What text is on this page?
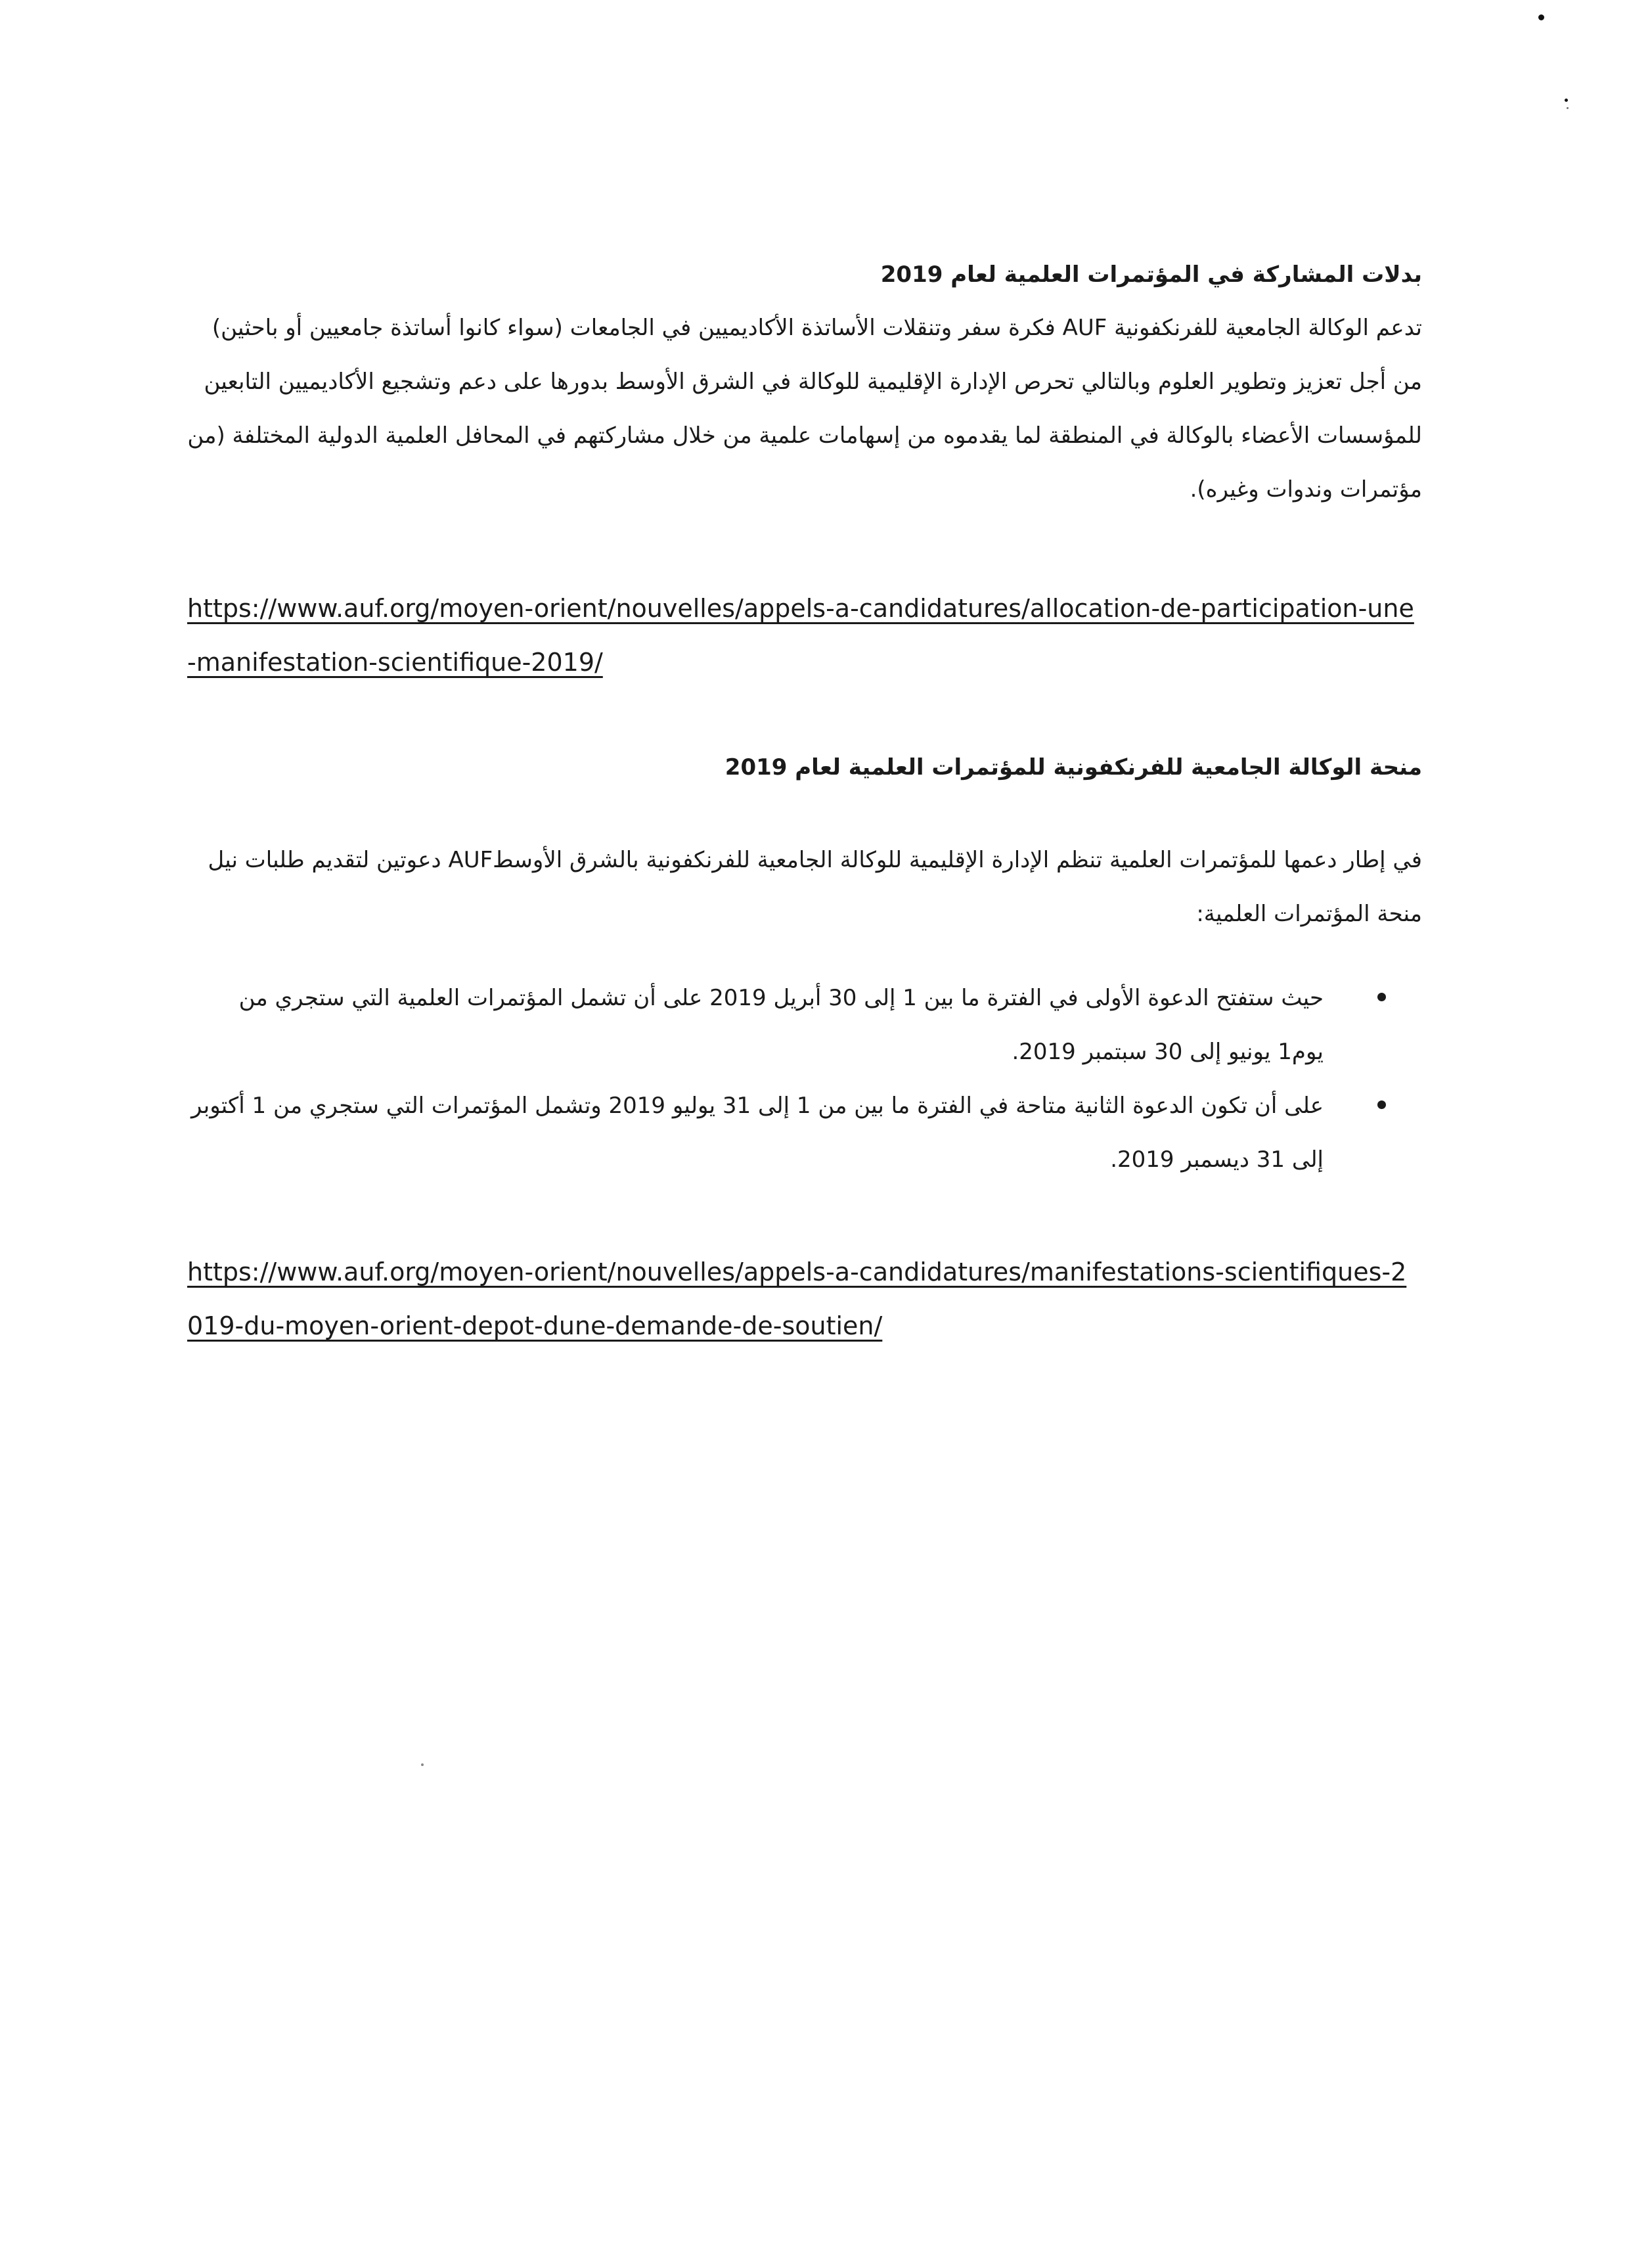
بدلات المشاركة في المؤتمرات العلمية لعام 2019

تدعم الوكالة الجامعية للفرنكفونية AUF فكرة سفر وتنقلات الأساتذة الأكاديميين في الجامعات (سواء كانوا أساتذة جامعيين أو باحثين) من أجل تعزيز وتطوير العلوم وبالتالي تحرص الإدارة الإقليمية للوكالة في الشرق الأوسط بدورها على دعم وتشجيع الأكاديميين التابعين للمؤسسات الأعضاء بالوكالة في المنطقة لما يقدموه من إسهامات علمية من خلال مشاركتهم في المحافل العلمية الدولية المختلفة (من مؤتمرات وندوات وغيره).

https://www.auf.org/moyen-orient/nouvelles/appels-a-candidatures/allocation-de-participation-une-manifestation-scientifique-2019/
منحة الوكالة الجامعية للفرنكفونية للمؤتمرات العلمية لعام 2019

في إطار دعمها للمؤتمرات العلمية تنظم الإدارة الإقليمية للوكالة الجامعية للفرنكفونية بالشرق الأوسطAUF دعوتين لتقديم طلبات نيل منحة المؤتمرات العلمية:

حيث ستفتح الدعوة الأولى في الفترة ما بين 1 إلى 30 أبريل 2019 على أن تشمل المؤتمرات العلمية التي ستجري من يوم1 يونيو إلى 30 سبتمبر 2019.
على أن تكون الدعوة الثانية متاحة في الفترة ما بين من 1 إلى 31 يوليو 2019 وتشمل المؤتمرات التي ستجري من 1 أكتوبر إلى 31 ديسمبر 2019.
https://www.auf.org/moyen-orient/nouvelles/appels-a-candidatures/manifestations-scientifiques-2019-du-moyen-orient-depot-dune-demande-de-soutien/
